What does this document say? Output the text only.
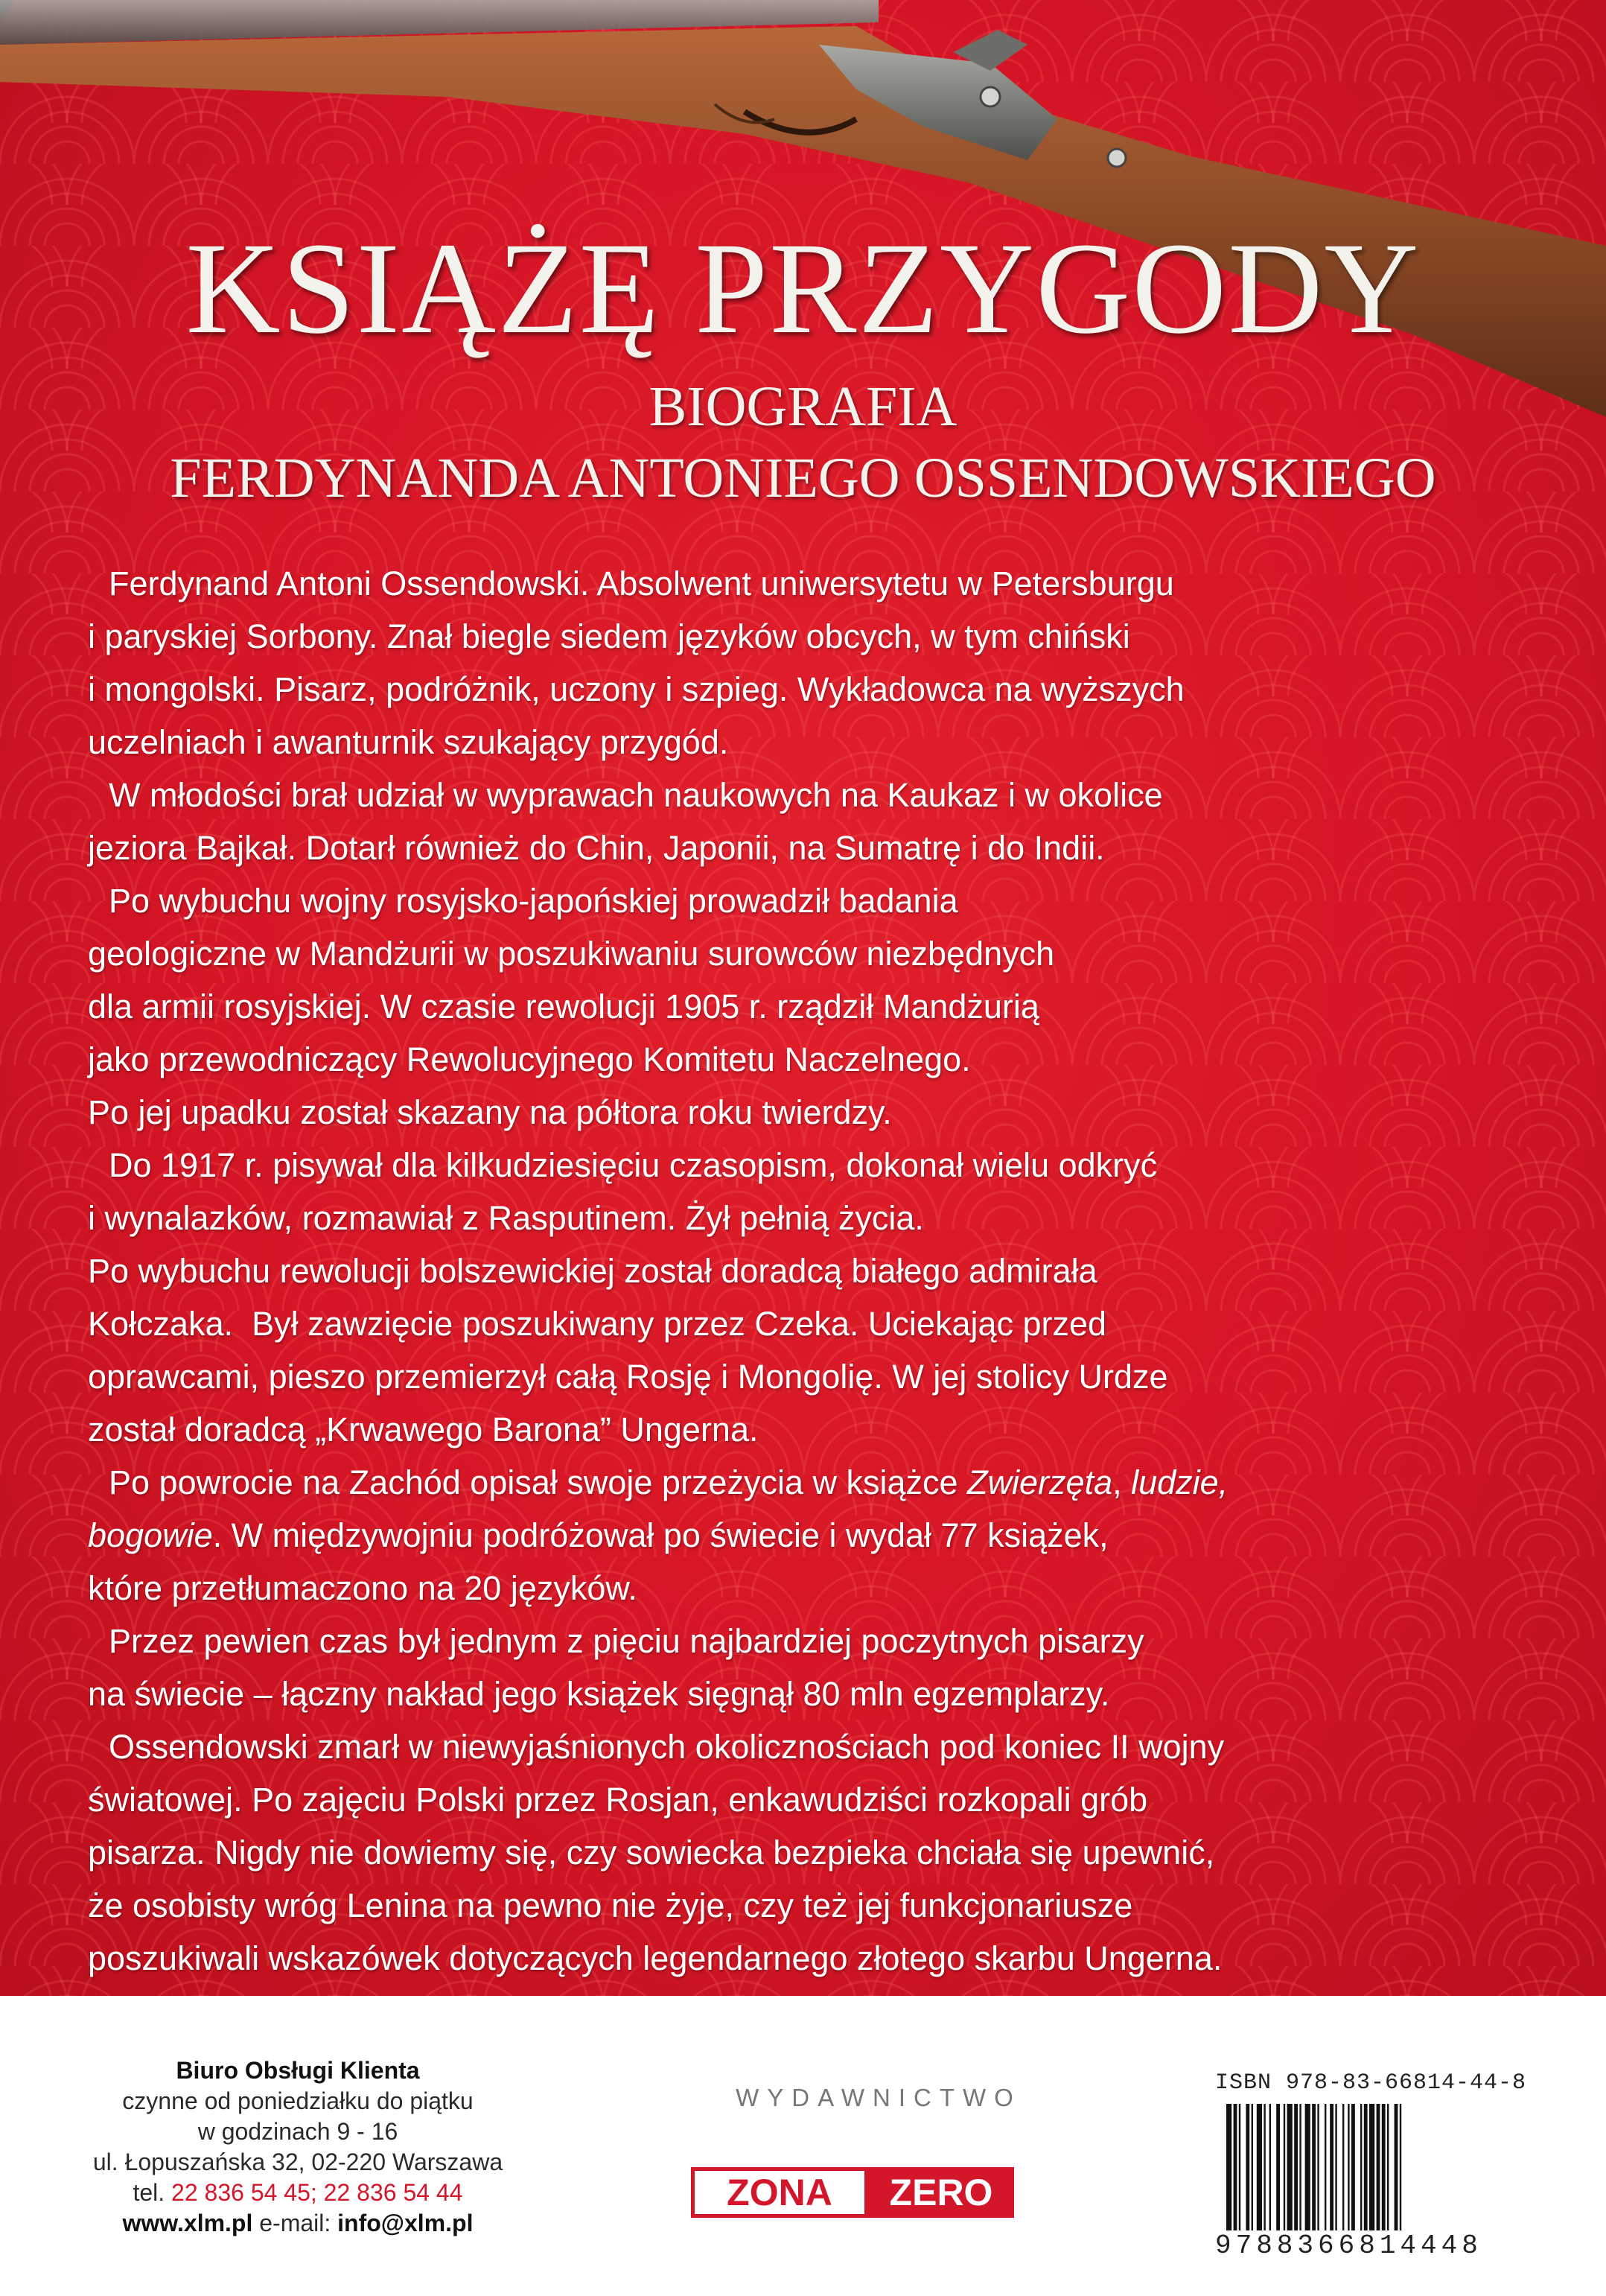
KSIĄŻĘ PRZYGODY
BIOGRAFIA
FERDYNANDA ANTONIEGO OSSENDOWSKIEGO

Ferdynand Antoni Ossendowski. Absolwent uniwersytetu w Petersburgu

i paryskiej Sorbony. Znał biegle siedem języków obcych, w tym chiński

i mongolski. Pisarz, podróżnik, uczony i szpieg. Wykładowca na wyższych

uczelniach i awanturnik szukający przygód.

W młodości brał udział w wyprawach naukowych na Kaukaz i w okolice

jeziora Bajkał. Dotarł również do Chin, Japonii, na Sumatrę i do Indii.

Po wybuchu wojny rosyjsko-japońskiej prowadził badania

geologiczne w Mandżurii w poszukiwaniu surowców niezbędnych

dla armii rosyjskiej. W czasie rewolucji 1905 r. rządził Mandżurią

jako przewodniczący Rewolucyjnego Komitetu Naczelnego.

Po jej upadku został skazany na półtora roku twierdzy.

Do 1917 r. pisywał dla kilkudziesięciu czasopism, dokonał wielu odkryć

i wynalazków, rozmawiał z Rasputinem. Żył pełnią życia.

Po wybuchu rewolucji bolszewickiej został doradcą białego admirała

Kołczaka.  Był zawzięcie poszukiwany przez Czeka. Uciekając przed

oprawcami, pieszo przemierzył całą Rosję i Mongolię. W jej stolicy Urdze

został doradcą „Krwawego Barona” Ungerna.

Po powrocie na Zachód opisał swoje przeżycia w książce Zwierzęta, ludzie,

bogowie. W międzywojniu podróżował po świecie i wydał 77 książek,

które przetłumaczono na 20 języków.

Przez pewien czas był jednym z pięciu najbardziej poczytnych pisarzy

na świecie – łączny nakład jego książek sięgnął 80 mln egzemplarzy.

Ossendowski zmarł w niewyjaśnionych okolicznościach pod koniec II wojny

światowej. Po zajęciu Polski przez Rosjan, enkawudziści rozkopali grób

pisarza. Nigdy nie dowiemy się, czy sowiecka bezpieka chciała się upewnić,

że osobisty wróg Lenina na pewno nie żyje, czy też jej funkcjonariusze

poszukiwali wskazówek dotyczących legendarnego złotego skarbu Ungerna.

Biuro Obsługi Klienta
czynne od poniedziałku do piątku
w godzinach 9 - 16
ul. Łopuszańska 32, 02-220 Warszawa
tel. 22 836 54 45; 22 836 54 44
www.xlm.pl e-mail: info@xlm.pl
WYDAWNICTWO
ZONA	ZERO
ISBN 978-83-66814-44-8
9788366814448
